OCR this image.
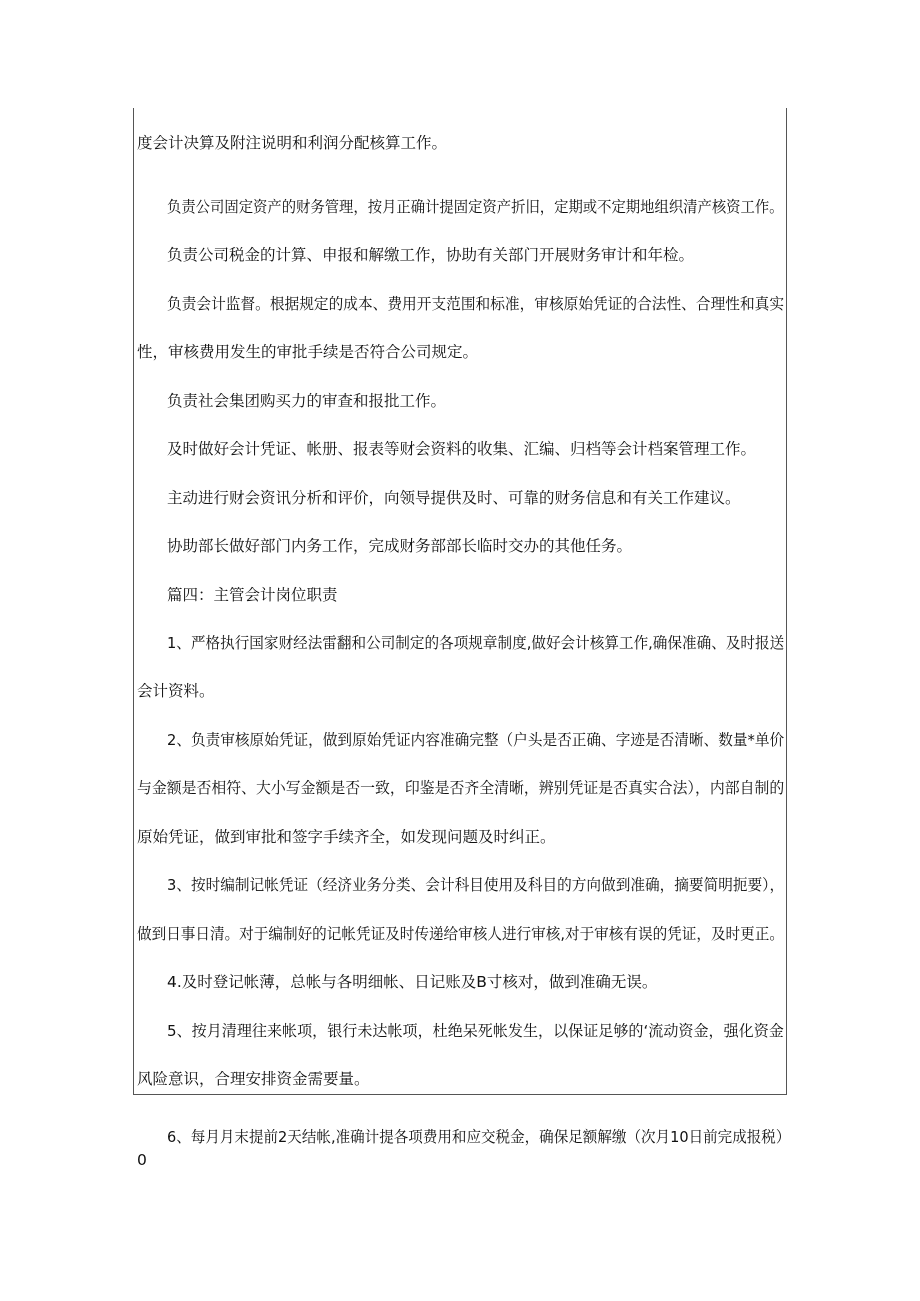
度会计决算及附注说明和利润分配核算工作。
负责公司固定资产的财务管理，按月正确计提固定资产折旧，定期或不定期地组织清产核资工作。
负责公司税金的计算、申报和解缴工作，协助有关部门开展财务审计和年检。
负责会计监督。根据规定的成本、费用开支范围和标准，审核原始凭证的合法性、合理性和真实
性，审核费用发生的审批手续是否符合公司规定。
负责社会集团购买力的审查和报批工作。
及时做好会计凭证、帐册、报表等财会资料的收集、汇编、归档等会计档案管理工作。
主动进行财会资讯分析和评价，向领导提供及时、可靠的财务信息和有关工作建议。
协助部长做好部门内务工作，完成财务部部长临时交办的其他任务。
篇四：主管会计岗位职责
1、严格执行国家财经法雷翻和公司制定的各项规章制度,做好会计核算工作,确保准确、及时报送
会计资料。
2、负责审核原始凭证，做到原始凭证内容准确完整（户头是否正确、字迹是否清晰、数量*单价
与金额是否相符、大小写金额是否一致，印鉴是否齐全清晰，辨别凭证是否真实合法），内部自制的
原始凭证，做到审批和签字手续齐全，如发现问题及时纠正。
3、按时编制记帐凭证（经济业务分类、会计科目使用及科目的方向做到准确，摘要简明扼要），
做到日事日清。对于编制好的记帐凭证及时传递给审核人进行审核,对于审核有误的凭证，及时更正。
4.及时登记帐薄，总帐与各明细帐、日记账及B寸核对，做到准确无误。
5、按月清理往来帐项，银行未达帐项，杜绝呆死帐发生，以保证足够的‘流动资金，强化资金
风险意识，合理安排资金需要量。
6、每月月末提前2天结帐,准确计提各项费用和应交税金，确保足额解缴（次月10日前完成报税）
0
